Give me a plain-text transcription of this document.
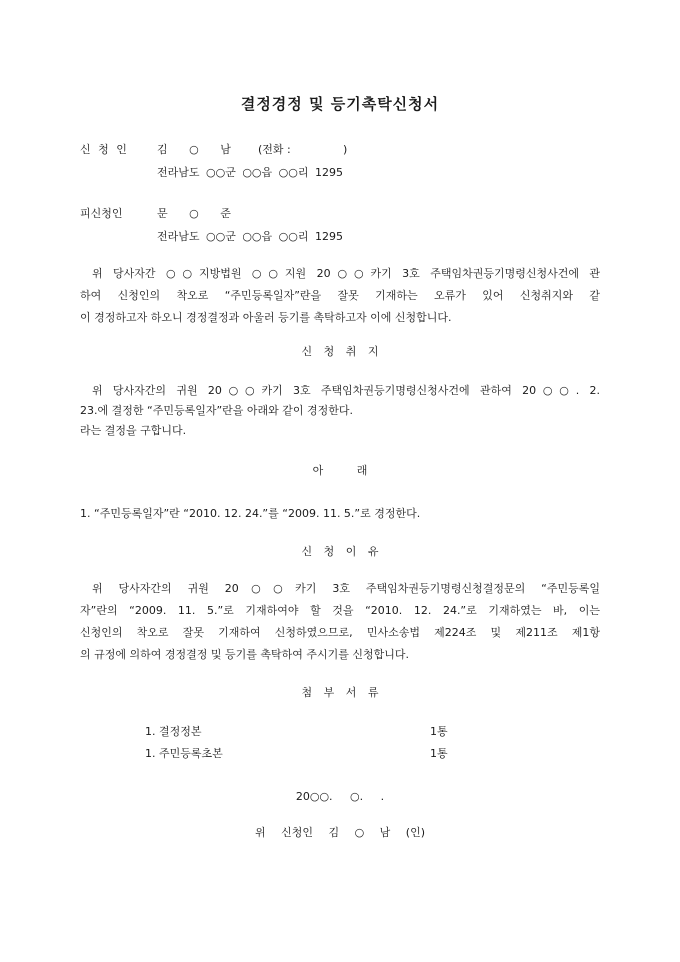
결정경정 및 등기촉탁신청서
신 청 인	김 ○ 남 (전화 :	)
전라남도 ○○군 ○○읍 ○○리 1295
피신청인	문 ○ 준
전라남도 ○○군 ○○읍 ○○리 1295
위 당사자간 ○○지방법원 ○○지원 20○○카기 3호 주택임차권등기명령신청사건에 관
하여 신청인의 착오로 “주민등록일자”란을 잘못 기재하는 오류가 있어 신청취지와 같
이 경정하고자 하오니 경정결정과 아울러 등기를 촉탁하고자 이에 신청합니다.
신 청 취 지
위 당사자간의 귀원 20○○카기 3호 주택임차권등기명령신청사건에 관하여 20○○. 2.
23.에 결정한 “주민등록일자”란을 아래와 같이 경정한다.
라는 결정을 구합니다.
아 래
1. “주민등록일자”란 “2010. 12. 24.”를 “2009. 11. 5.”로 경정한다.
신 청 이 유
위 당사자간의 귀원 20○○카기 3호 주택임차권등기명령신청결정문의 “주민등록일
자”란의 “2009. 11. 5.”로 기재하여야 할 것을 “2010. 12. 24.”로 기재하였는 바, 이는
신청인의 착오로 잘못 기재하여 신청하였으므로, 민사소송법 제224조 및 제211조 제1항
의 규정에 의하여 경정결정 및 등기를 촉탁하여 주시기를 신청합니다.
첨 부 서 류
1. 결정정본	1통
1. 주민등록초본	1통
20○○. ○. .
위 신청인 김 ○ 남 (인)
